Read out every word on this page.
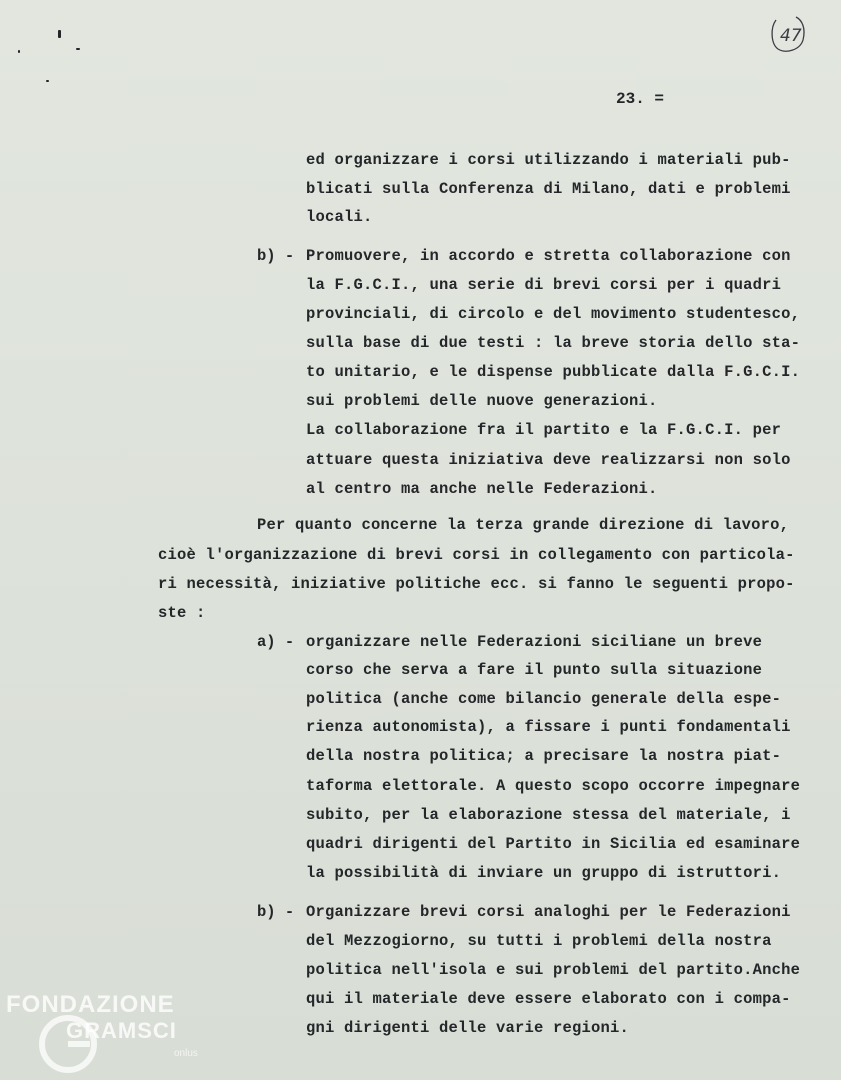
47
23. =
ed organizzare i corsi utilizzando i materiali pub-
blicati sulla Conferenza di Milano, dati e problemi
locali.
b) - Promuovere, in accordo e stretta collaborazione con
la F.G.C.I., una serie di brevi corsi per i quadri
provinciali, di circolo e del movimento studentesco,
sulla base di due testi : la breve storia dello sta-
to unitario, e le dispense pubblicate dalla F.G.C.I.
sui problemi delle nuove generazioni.
La collaborazione fra il partito e la F.G.C.I. per
attuare questa iniziativa deve realizzarsi non solo
al centro ma anche nelle Federazioni.
Per quanto concerne la terza grande direzione di lavoro,
cioè l'organizzazione di brevi corsi in collegamento con particola-
ri necessità, iniziative politiche ecc. si fanno le seguenti propo-
ste :
a) - organizzare nelle Federazioni siciliane un breve
corso che serva a fare il punto sulla situazione
politica (anche come bilancio generale della espe-
rienza autonomista), a fissare i punti fondamentali
della nostra politica; a precisare la nostra piat-
taforma elettorale. A questo scopo occorre impegnare
subito, per la elaborazione stessa del materiale, i
quadri dirigenti del Partito in Sicilia ed esaminare
la possibilità di inviare un gruppo di istruttori.
b) - Organizzare brevi corsi analoghi per le Federazioni
del Mezzogiorno, su tutti i problemi della nostra
politica nell'isola e sui problemi del partito.Anche
qui il materiale deve essere elaborato con i compa-
gni dirigenti delle varie regioni.
FONDAZIONE
GRAMSCI
onlus
